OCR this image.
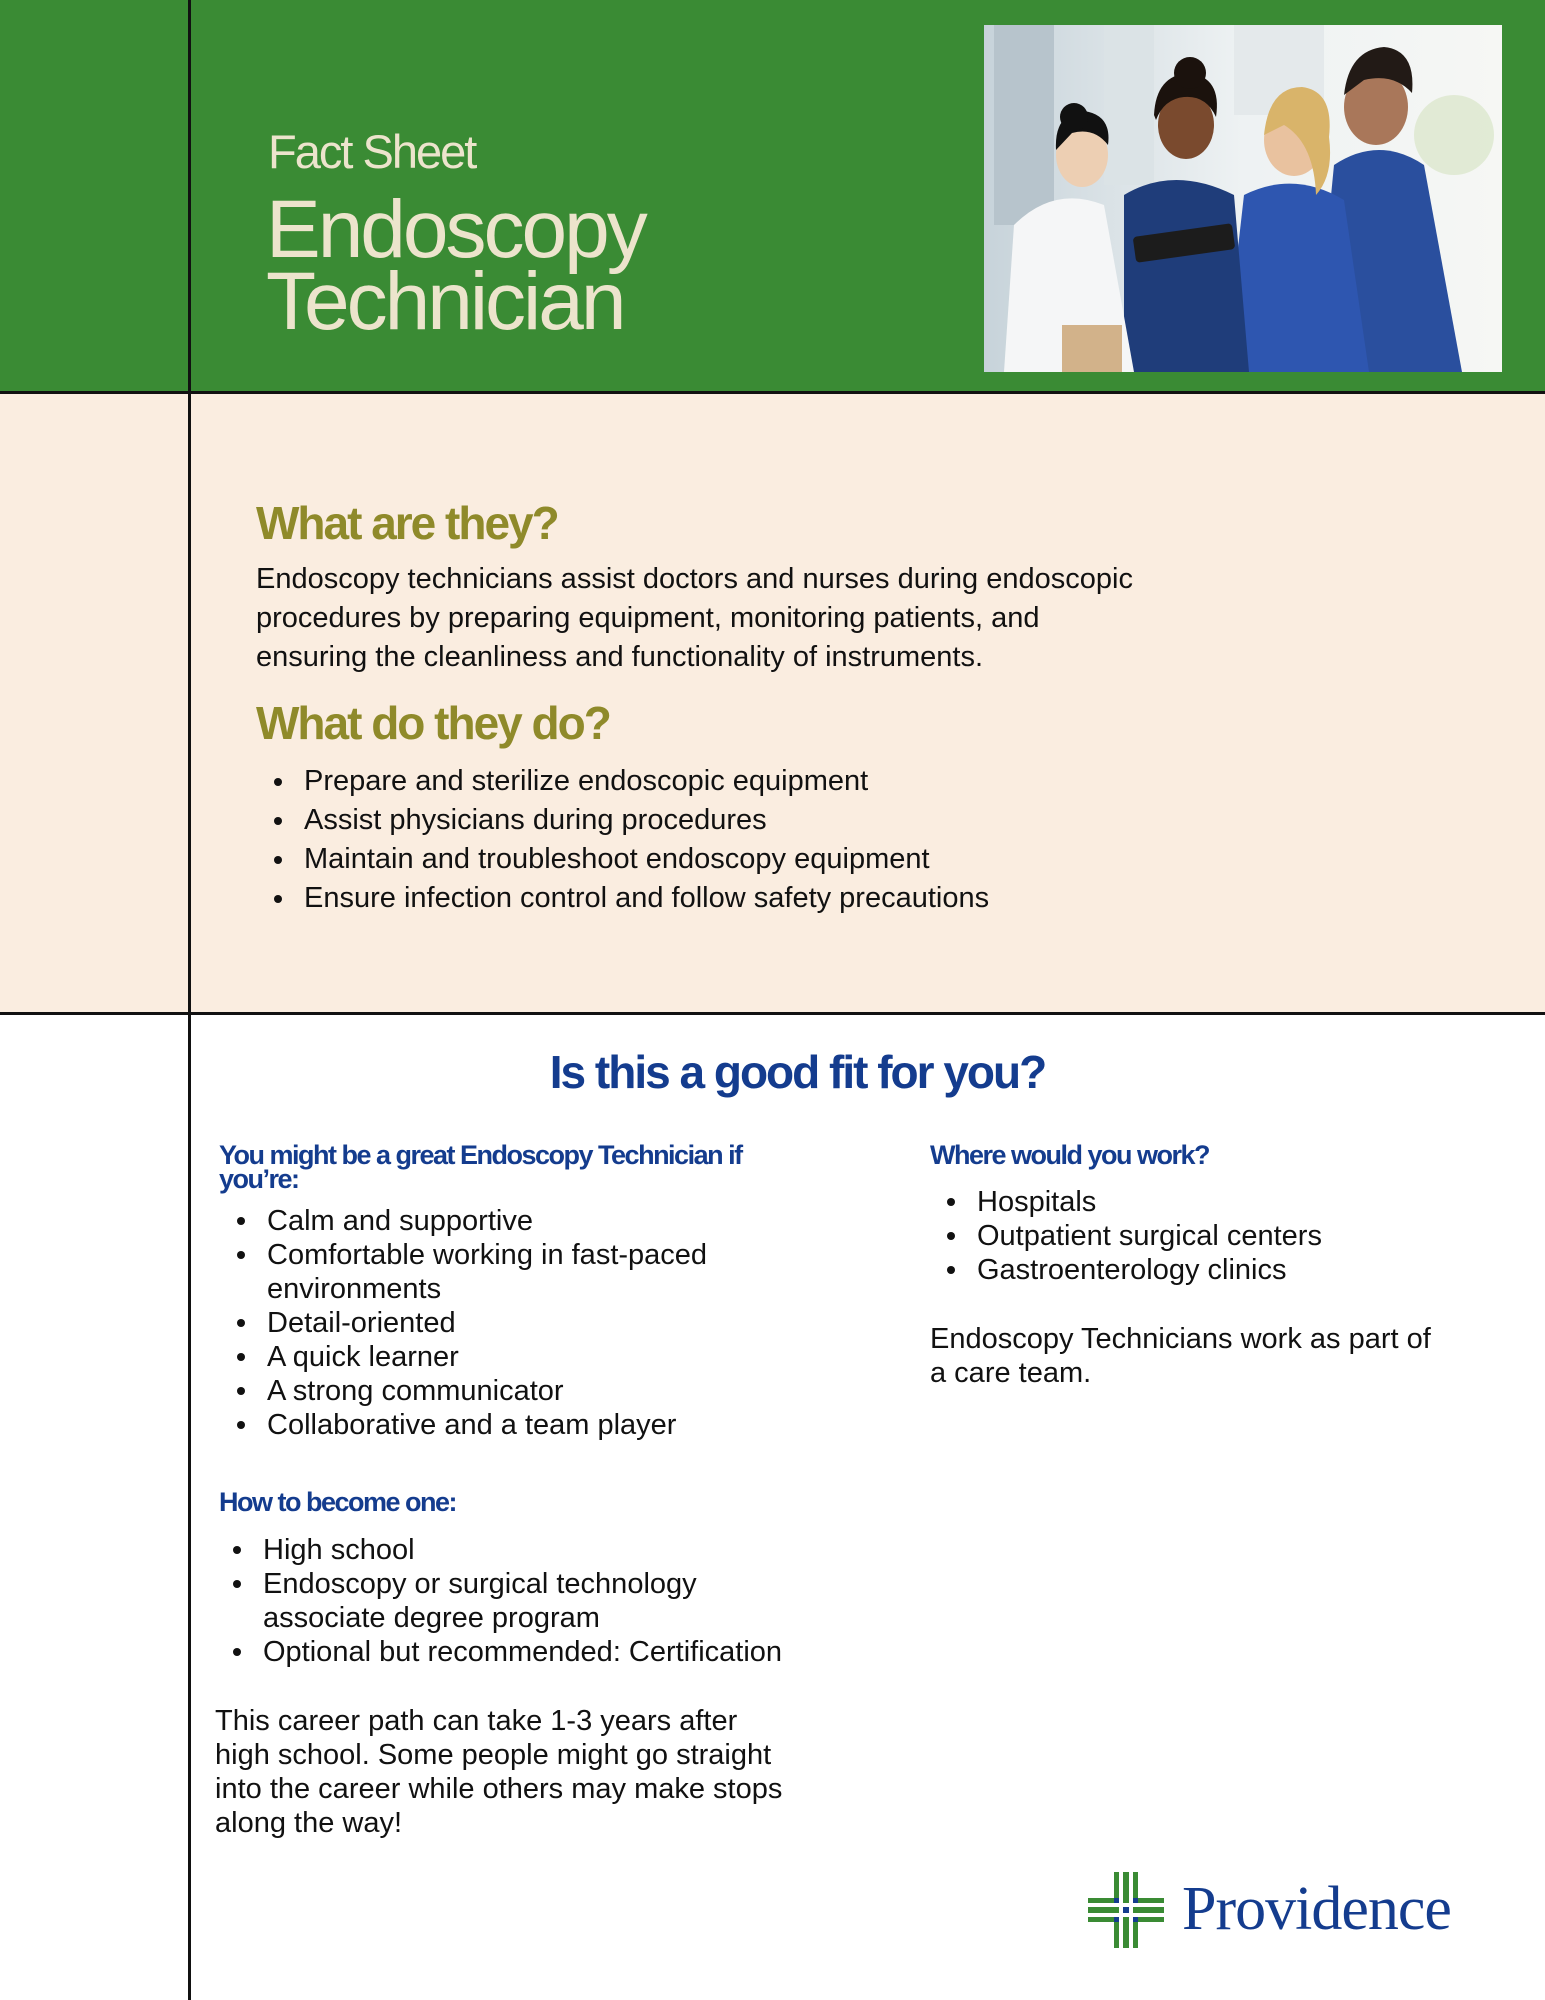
Fact Sheet
Endoscopy
Technician
What are they?
Endoscopy technicians assist doctors and nurses during endoscopic
procedures by preparing equipment, monitoring patients, and
ensuring the cleanliness and functionality of instruments.
What do they do?
Prepare and sterilize endoscopic equipment
Assist physicians during procedures
Maintain and troubleshoot endoscopy equipment
Ensure infection control and follow safety precautions
Is this a good fit for you?
You might be a great Endoscopy Technician if
you’re:
Calm and supportive
Comfortable working in fast-paced
environments
Detail-oriented
A quick learner
A strong communicator
Collaborative and a team player
How to become one:
High school
Endoscopy or surgical technology
associate degree program
Optional but recommended: Certification
This career path can take 1-3 years after
high school. Some people might go straight
into the career while others may make stops
along the way!
Where would you work?
Hospitals
Outpatient surgical centers
Gastroenterology clinics
Endoscopy Technicians work as part of
a care team.
Providence
